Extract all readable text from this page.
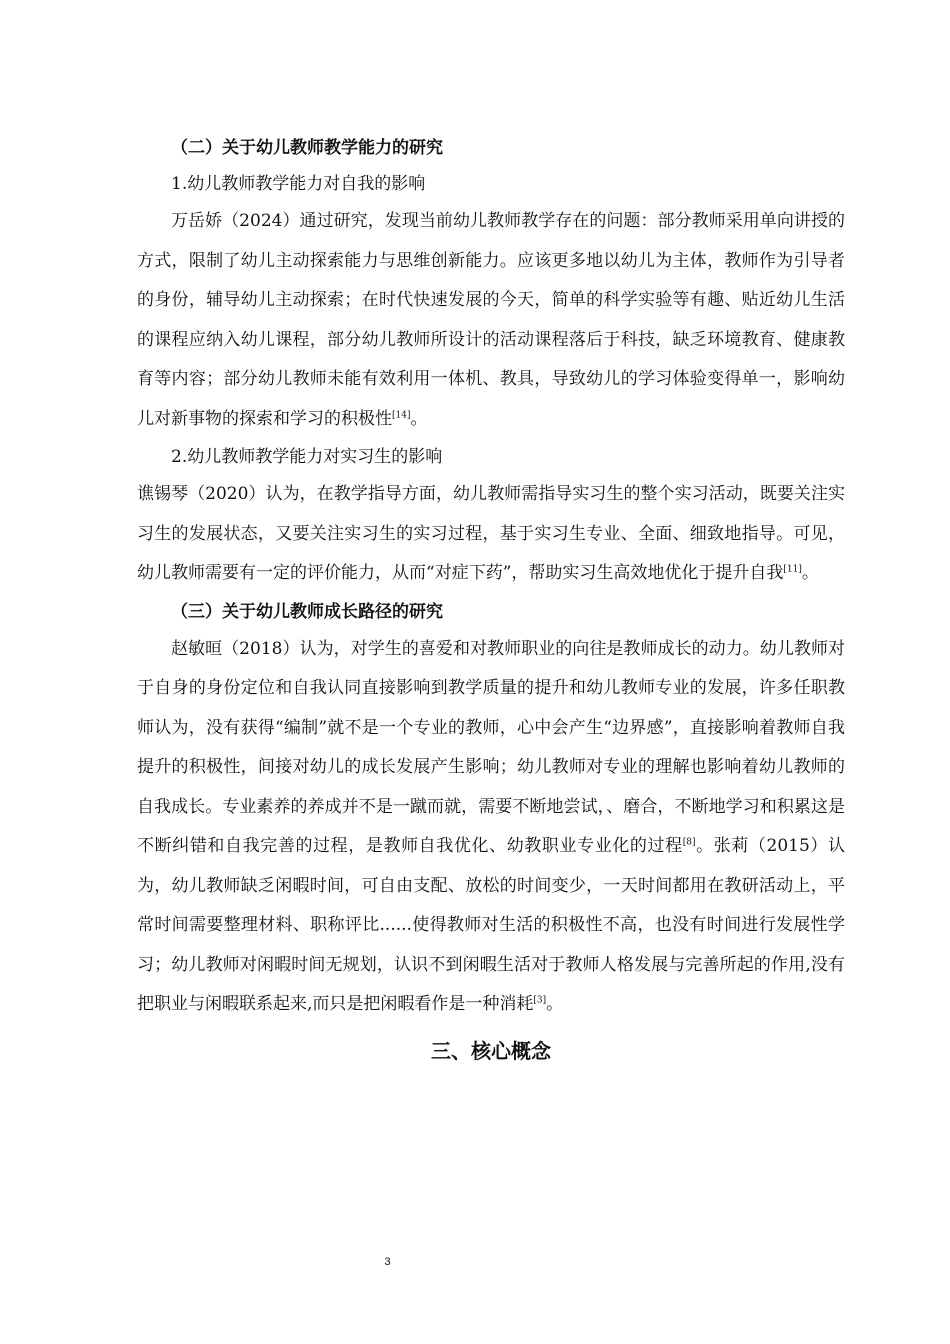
（二）关于幼儿教师教学能力的研究
1.幼儿教师教学能力对自我的影响

万岳娇（2024）通过研究，发现当前幼儿教师教学存在的问题：部分教师采用单向讲授的方式，限制了幼儿主动探索能力与思维创新能力。应该更多地以幼儿为主体，教师作为引导者的身份，辅导幼儿主动探索；在时代快速发展的今天，简单的科学实验等有趣、贴近幼儿生活的课程应纳入幼儿课程，部分幼儿教师所设计的活动课程落后于科技，缺乏环境教育、健康教育等内容；部分幼儿教师未能有效利用一体机、教具，导致幼儿的学习体验变得单一，影响幼儿对新事物的探索和学习的积极性[14]。

2.幼儿教师教学能力对实习生的影响

谯锡琴（2020）认为，在教学指导方面，幼儿教师需指导实习生的整个实习活动，既要关注实习生的发展状态，又要关注实习生的实习过程，基于实习生专业、全面、细致地指导。可见，幼儿教师需要有一定的评价能力，从而“对症下药”，帮助实习生高效地优化于提升自我[11]。

（三）关于幼儿教师成长路径的研究

赵敏晅（2018）认为，对学生的喜爱和对教师职业的向往是教师成长的动力。幼儿教师对于自身的身份定位和自我认同直接影响到教学质量的提升和幼儿教师专业的发展，许多任职教师认为，没有获得“编制”就不是一个专业的教师，心中会产生“边界感”，直接影响着教师自我提升的积极性，间接对幼儿的成长发展产生影响；幼儿教师对专业的理解也影响着幼儿教师的自我成长。专业素养的养成并不是一蹴而就，需要不断地尝试，、磨合，不断地学习和积累这是不断纠错和自我完善的过程，是教师自我优化、幼教职业专业化的过程[8]。张莉（2015）认为，幼儿教师缺乏闲暇时间，可自由支配、放松的时间变少，一天时间都用在教研活动上，平常时间需要整理材料、职称评比......使得教师对生活的积极性不高，也没有时间进行发展性学习；幼儿教师对闲暇时间无规划，认识不到闲暇生活对于教师人格发展与完善所起的作用,没有把职业与闲暇联系起来,而只是把闲暇看作是一种消耗[3]。

三、核心概念
3
